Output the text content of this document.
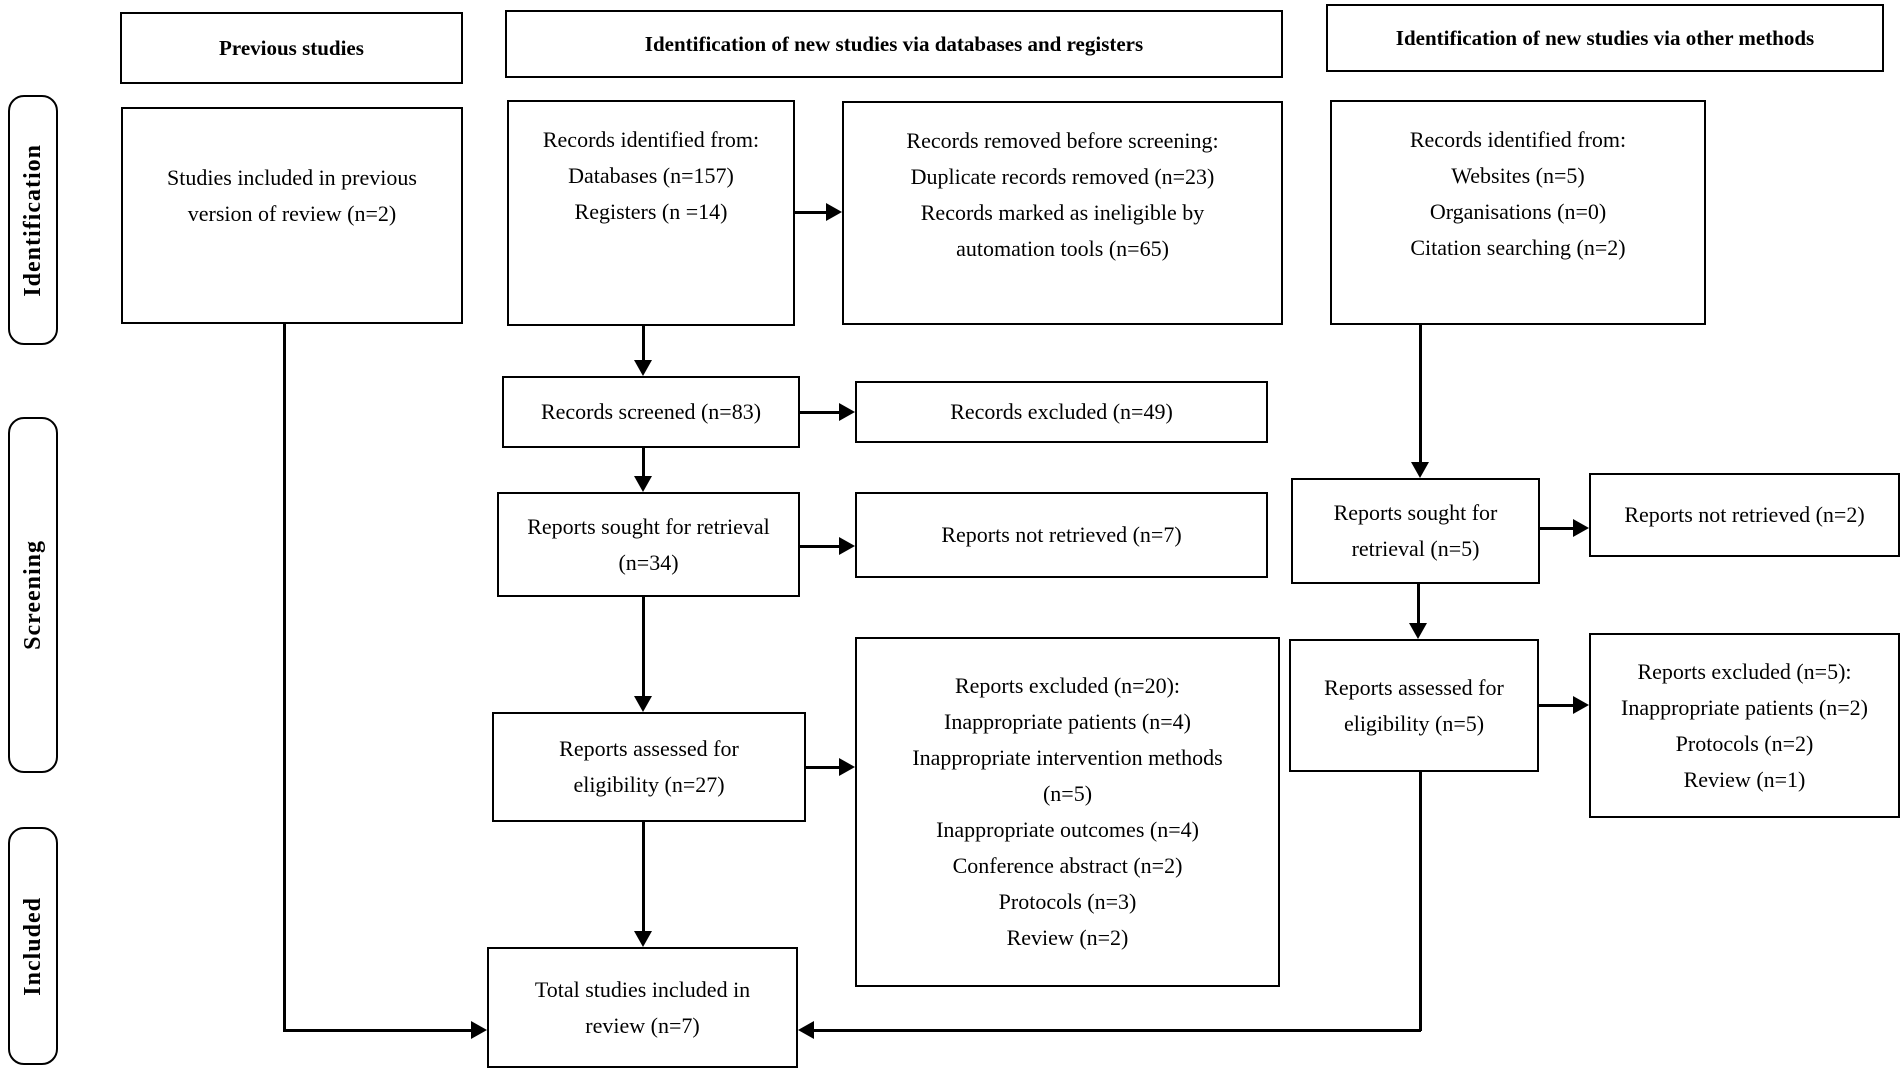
Previous studies	Identification of new studies via databases and registers	Identification of new studies via other methods
Identification
Screening
Included
Studies included in previous
version of review (n=2)
Records identified from:
Databases (n=157)
Registers (n =14)
Records removed before screening:
Duplicate records removed (n=23)
Records marked as ineligible by
automation tools (n=65)
Records identified from:
Websites (n=5)
Organisations (n=0)
Citation searching (n=2)
Records screened (n=83)	Records excluded (n=49)
Reports sought for retrieval
(n=34)
Reports not retrieved (n=7)
Reports sought for
retrieval (n=5)
Reports not retrieved (n=2)
Reports assessed for
eligibility (n=27)
Reports excluded (n=20):
Inappropriate patients (n=4)
Inappropriate intervention methods
(n=5)
Inappropriate outcomes (n=4)
Conference abstract (n=2)
Protocols (n=3)
Review (n=2)
Reports assessed for
eligibility (n=5)
Reports excluded (n=5):
Inappropriate patients (n=2)
Protocols (n=2)
Review (n=1)
Total studies included in
review (n=7)
